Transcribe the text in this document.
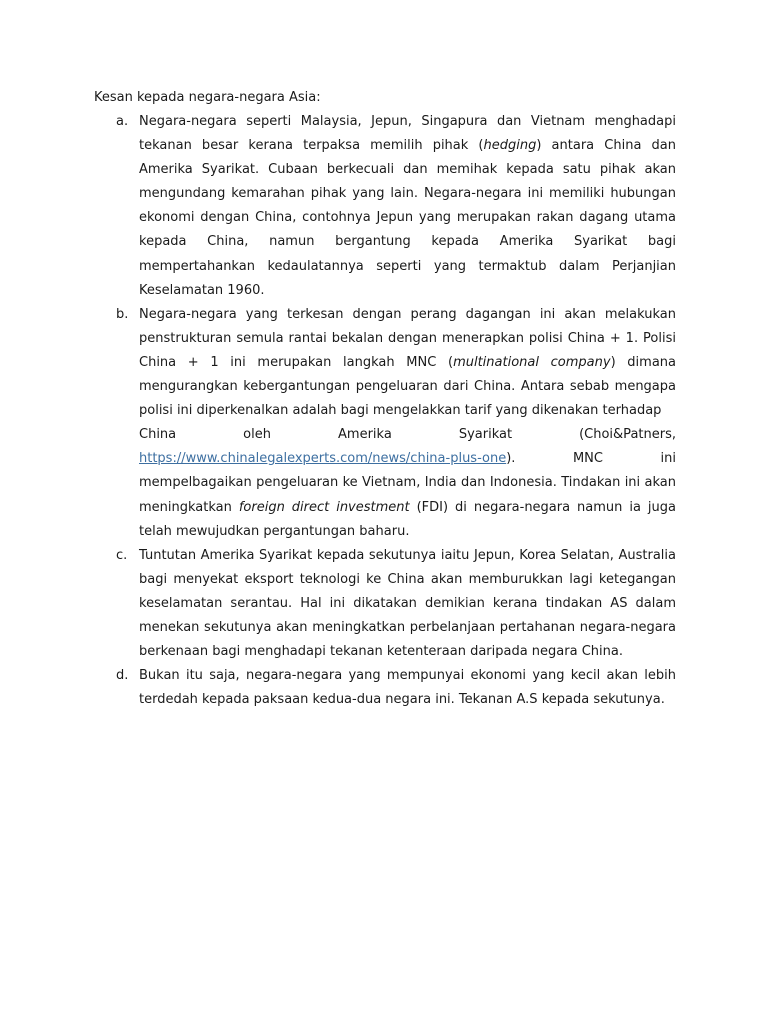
Kesan kepada negara-negara Asia:
a. Negara-negara seperti Malaysia, Jepun, Singapura dan Vietnam menghadapi tekanan besar kerana terpaksa memilih pihak (hedging) antara China dan Amerika Syarikat. Cubaan berkecuali dan memihak kepada satu pihak akan mengundang kemarahan pihak yang lain. Negara-negara ini memiliki hubungan ekonomi dengan China, contohnya Jepun yang merupakan rakan dagang utama kepada China, namun bergantung kepada Amerika Syarikat bagi mempertahankan kedaulatannya seperti yang termaktub dalam Perjanjian Keselamatan 1960.
b. Negara-negara yang terkesan dengan perang dagangan ini akan melakukan penstrukturan semula rantai bekalan dengan menerapkan polisi China + 1. Polisi China + 1 ini merupakan langkah MNC (multinational company) dimana mengurangkan kebergantungan pengeluaran dari China. Antara sebab mengapa polisi ini diperkenalkan adalah bagi mengelakkan tarif yang dikenakan terhadap
China	oleh	Amerika	Syarikat	(Choi&Patners,
https://www.chinalegalexperts.com/news/china-plus-one). MNC ini mempelbagaikan pengeluaran ke Vietnam, India dan Indonesia. Tindakan ini akan meningkatkan foreign direct investment (FDI) di negara-negara namun ia juga telah mewujudkan pergantungan baharu.
c. Tuntutan Amerika Syarikat kepada sekutunya iaitu Jepun, Korea Selatan, Australia bagi menyekat eksport teknologi ke China akan memburukkan lagi ketegangan keselamatan serantau. Hal ini dikatakan demikian kerana tindakan AS dalam menekan sekutunya akan meningkatkan perbelanjaan pertahanan negara-negara berkenaan bagi menghadapi tekanan ketenteraan daripada negara China.
d. Bukan itu saja, negara-negara yang mempunyai ekonomi yang kecil akan lebih terdedah kepada paksaan kedua-dua negara ini. Tekanan A.S kepada sekutunya.
